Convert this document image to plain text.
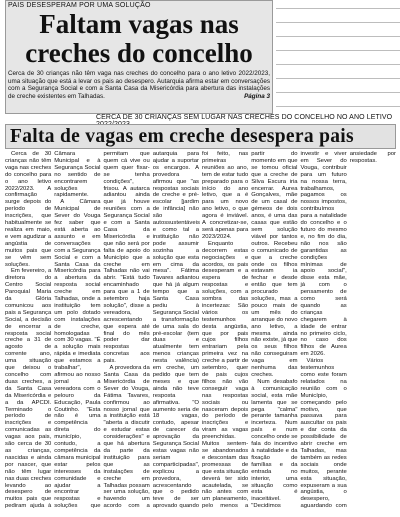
PAIS DESESPERAM POR UMA SOLUÇÃO
Faltam vagas nas creches do concelho
Cerca de 30 crianças não têm vaga nas creches do concelho para o ano letivo 2022/2023, uma situação que está a levar os pais ao desespero. Autarquia afirma estar em conversações com a Segurança Social e com a Santa Casa da Misericórdia para abertura das instalações de creche existentes em Talhadas.	Página 3
CERCA DE 30 CRIANÇAS SEM LUGAR NAS CRECHES DO CONCELHO NO ANO LETIVO
Falta de vagas em creche desespera pais

Cerca de 30 crianças não têm vaga nas creches do concelho para o ano letivo 2022/2023. A confirmação surge depois do período de inscrições, que habitualmente se realiza em maio, e vem agudizar a angústia de muitos pais que se vêm sem soluções.

Em fevereiro, a diretora do Centro Social Paroquial Maria da Glória comunicou aos pais a Segurança Social, a decisão de encerrar a resposta social creche a 31 de agosto de corrente ano, uma situação que deixou o concelho com duas creches, a da Santa Casa da Misericórdia e a da APCDI. Terminado o período de inscrições e comunicadas as vagas aos pais, são cerca de 30 as crianças, nascidas e ainda por nascer, que não têm lugar nas duas creches levando ao desespero de muitos pais que pediram ajuda à Câmara Municipal e à Segurança Social no sentido de encontrarem soluções rapidamente.

A Câmara Municipal de Sever do Vouga fez saber que está aberta ao assunto e em conversações com a Segurança Social e com a Santa Casa da Misericórdia para a abertura da resposta social creche em Talhadas, onde a instituição tem um polo dotado com instalações de creche, homologadas com 30 vagas. "É a solução mais rápida e imediata que estamos a trabalhar", afirmou ao nosso jornal a vereadora com o pelouro da Educação, Paula Coutinho. "Esta não é uma competência direta do município, contudo, a competência da câmara municipal estar pelos interesses da comunidade e ajudar a encontrar respostas e soluções que permitam que quem cá vive ou quem quer fixar-se tenha condições", frisou. A autarca adiantou ainda que já houve reuniões com a Segurança Social e com a Santa Casa da Misericórdia e que não será por falta de apoio do Município que a creche em Talhadas não vai abrir. "Está tudo encaminhado para que a 1 de setembro haja solução", disse a vereadora, acrescentando que espera até final do mês poder dar respostas concretas aos pais.

A provedora da Santa Casa da Misericórdia de Sever do Vouga, Fátima Tavares, confirmou ao nosso jornal que a instituição está "aberta a discutir e estudar estas considerações" e que há abertura da parte da instituição para que as instalações de creche em Talhadas possam ser uma solução, havendo um acordo com a autarquia para ajudar a suportar os encargos. A provedora afirmou que "as respostas sociais de creche e pré-escolar [jardim de infância] não são autossustentáveis e como tal a instituição não pode assumir sozinha a solução que esta em cima da mesa". Fátima Tavares adiantou que há já algum tempo que a Santa Casa pediu à Segurança Social a transformação de uma sala do pré-escolar (tem duas e atualmente tem menos crianças nesta valência) em creche, um pedido que tem meses e que ainda não teve resposta afirmativa. "O aumento seria de 18 vagas, contudo, apesar de carecer da aprovação da Segurança Social estas vagas não seriam comparticipadas", explicou a provedora, acrescentando que o pedido teve de ser aprovado quando foi feito, nas primeiras reuniões ao ano, tem de estar tudo preparado para o início do ano letivo, que a é para um novo ano letivo, o que agora é inviável. A concretizar-se, será apenas para 2023/2024.

Enquanto decorrem estas negociações e acordos, os pais desesperam e a espera de respostas e soluções, com a sombra das incertezas: São vários os testemunhos desta angústia, que por pais cujos filhos entrariam pela primeira vez na creche a partir de setembro, quer de pais cujos filhos não vão conseguir vaga nas respostas sociais ou nasceram depois do período de inscrições e viram as vagas preenchidas. Muitos sentem-se abandonados e descontam das promessas de que esta situação deverá ter sido acautelada, se não antes com um planeamento, pelo menos a partir do momento em que se tomou oficial que a creche de Silva Escura iria encerrar. Aurea Gonçalves, mãe de um casal de gémeos de dois anos, é uma das casas que estão sem solução viável por tantos outros. Recebeu o comunicado de que a creche onde os filhos estavam ia fechar e desde então que tem procurado soluções, mas a pouco mais de um mês do arranque do novo ano letivo, a mesma ainda não existe, já que os seus filhos não conseguiram vaga em nenhuma das creches.

Num desabafo à comunicação social, esta mãe lamenta que se pega "calma" perante tamanha incerteza. Num país e num concelho onde se fala do incentivo à natalidade e da fixação de famílias e da entrada no interior, uma situação como esta é inaceitável. "Decidimos investir e viver em Sever do Vouga, contribuir para um futuro na nossa terra, trabalhamos, pagamos os nossos impostos, contribuímos para a natalidade do concelho e o futuro do mesmo e, no fim do dia, não nos são garantidas as condições mínimas de apoio social", disse esta mãe, já com o pensamento de como será quando as crianças chegarem à idade de entrar no primeiro ciclo, no caso dos filhos de Aurea em 2026.

Vários testemunhos como este foram relatados na reunião com o Município, começando pelo motivo, que passava para auscultar os pais e dar conta da possibilidade de abrir creche em Talhadas, mas também as redes sociais onde muitos, perante esta situação, expuseram a sua angústia, o desespero, aguardando com ansiedade por respostas.
